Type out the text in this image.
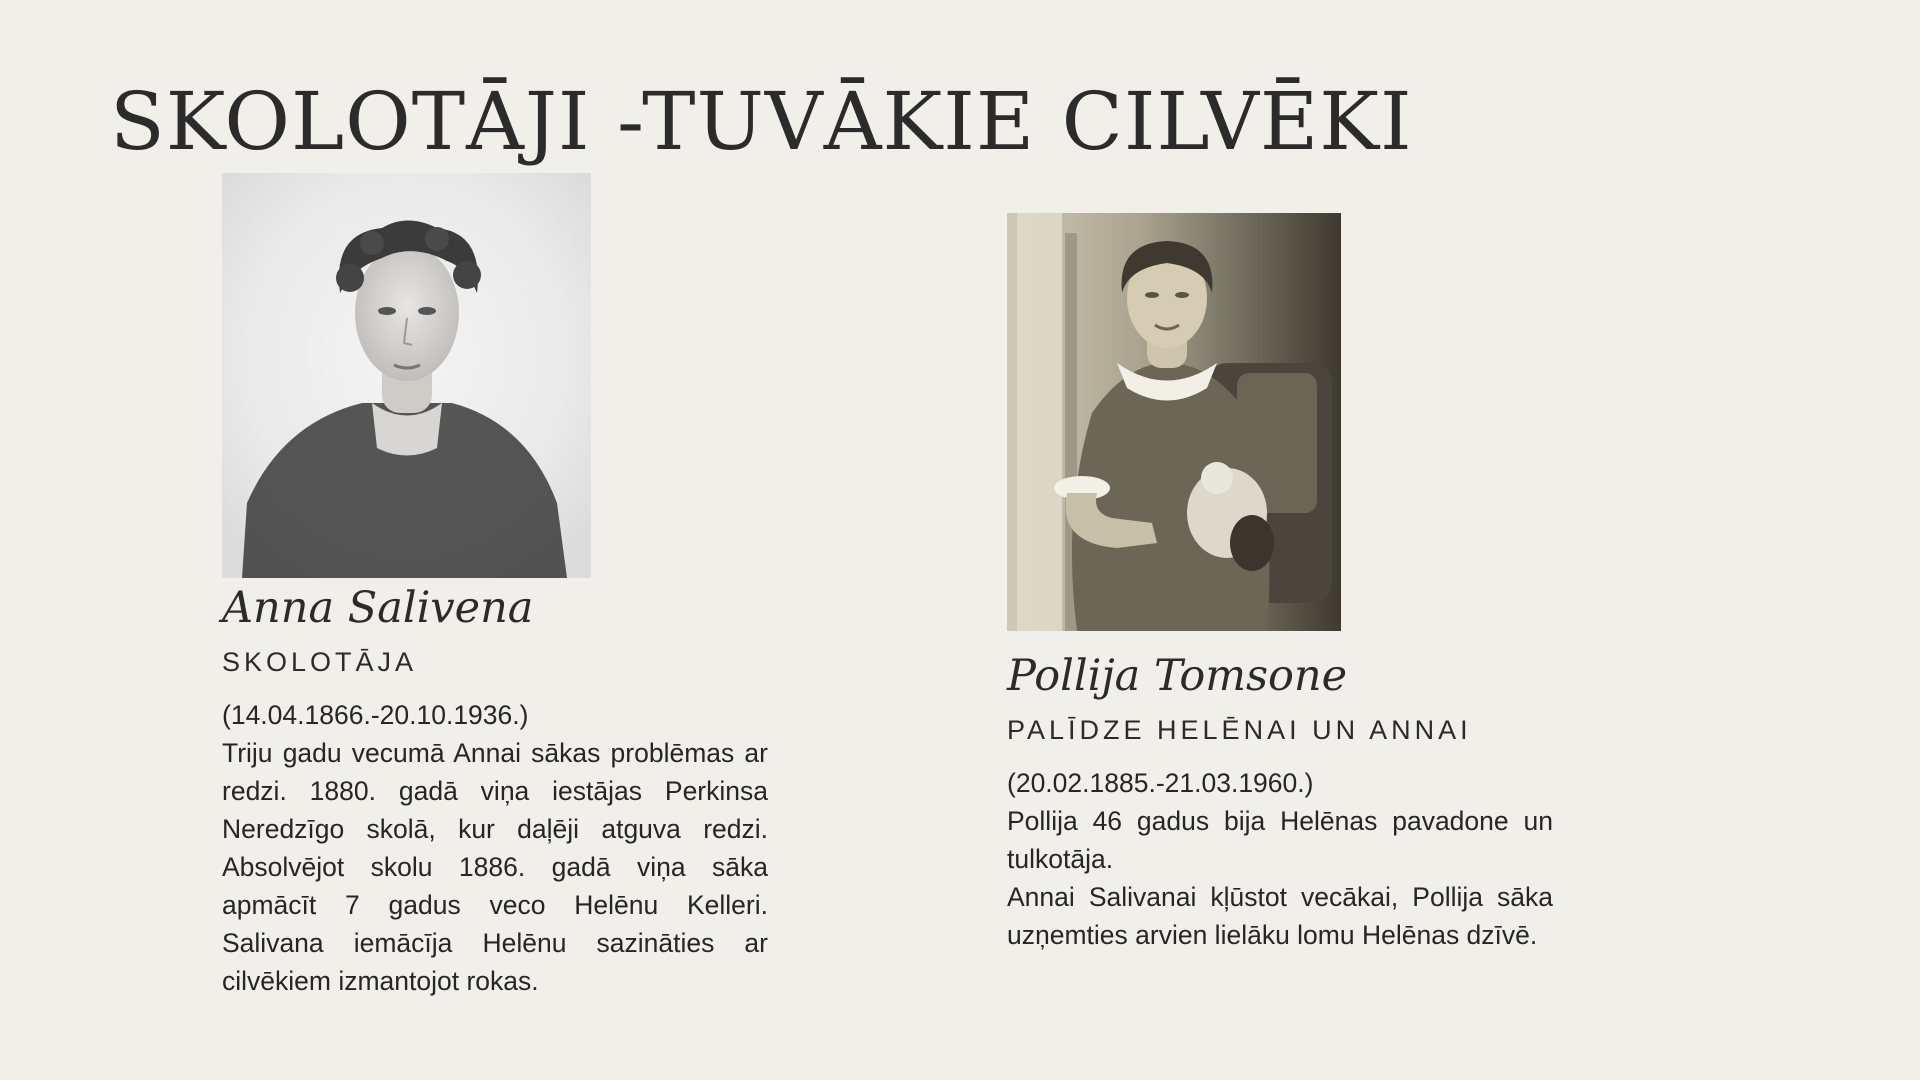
SKOLOTĀJI -TUVĀKIE CILVĒKI
Anna Salivena
SKOLOTĀJA
(14.04.1866.-20.10.1936.)

Triju gadu vecumā Annai sākas problēmas ar redzi. 1880. gadā viņa iestājas Perkinsa Neredzīgo skolā, kur daļēji atguva redzi. Absolvējot skolu 1886. gadā viņa sāka apmācīt 7 gadus veco Helēnu Kelleri. Salivana iemācīja Helēnu sazināties ar cilvēkiem izmantojot rokas.

Pollija Tomsone
PALĪDZE HELĒNAI UN ANNAI
(20.02.1885.-21.03.1960.)

Pollija 46 gadus bija Helēnas pavadone un tulkotāja.

Annai Salivanai kļūstot vecākai, Pollija sāka uzņemties arvien lielāku lomu Helēnas dzīvē.
